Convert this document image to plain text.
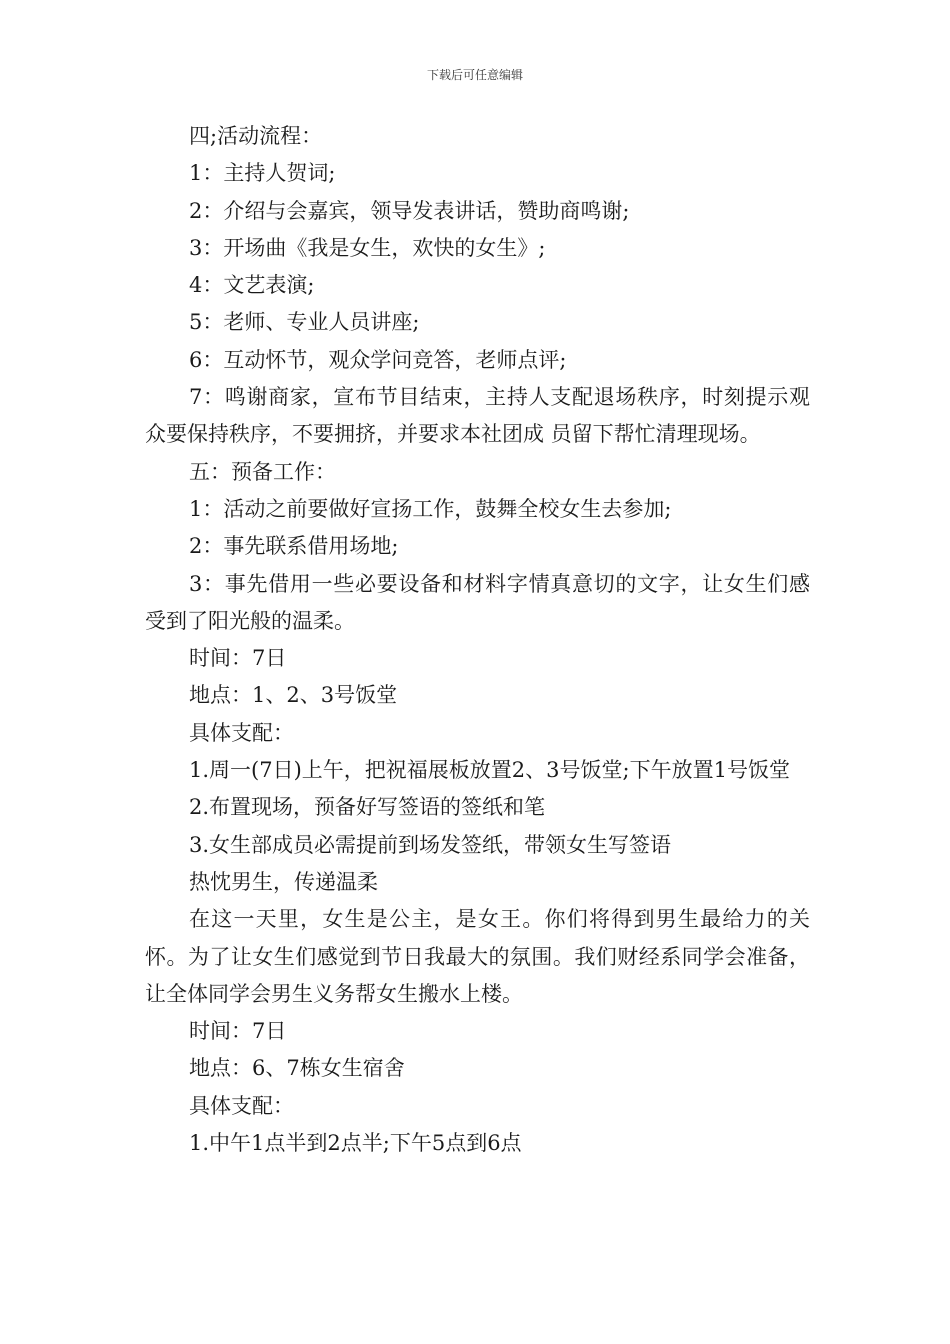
下载后可任意编辑

四;活动流程：

1：主持人贺词;

2：介绍与会嘉宾，领导发表讲话，赞助商鸣谢;

3：开场曲《我是女生，欢快的女生》;

4：文艺表演;

5：老师、专业人员讲座;

6：互动怀节，观众学问竞答，老师点评;

7：鸣谢商家，宣布节目结束，主持人支配退场秩序，时刻提示观众要保持秩序，不要拥挤，并要求本社团成 员留下帮忙清理现场。

五：预备工作：

1：活动之前要做好宣扬工作，鼓舞全校女生去参加;

2：事先联系借用场地;

3：事先借用一些必要设备和材料字情真意切的文字，让女生们感受到了阳光般的温柔。

时间：7日

地点：1、2、3号饭堂

具体支配：

1.周一(7日)上午，把祝福展板放置2、3号饭堂;下午放置1号饭堂

2.布置现场，预备好写签语的签纸和笔

3.女生部成员必需提前到场发签纸，带领女生写签语

热忱男生，传递温柔

在这一天里，女生是公主，是女王。你们将得到男生最给力的关怀。为了让女生们感觉到节日我最大的氛围。我们财经系同学会准备，让全体同学会男生义务帮女生搬水上楼。

时间：7日

地点：6、7栋女生宿舍

具体支配：

1.中午1点半到2点半;下午5点到6点
